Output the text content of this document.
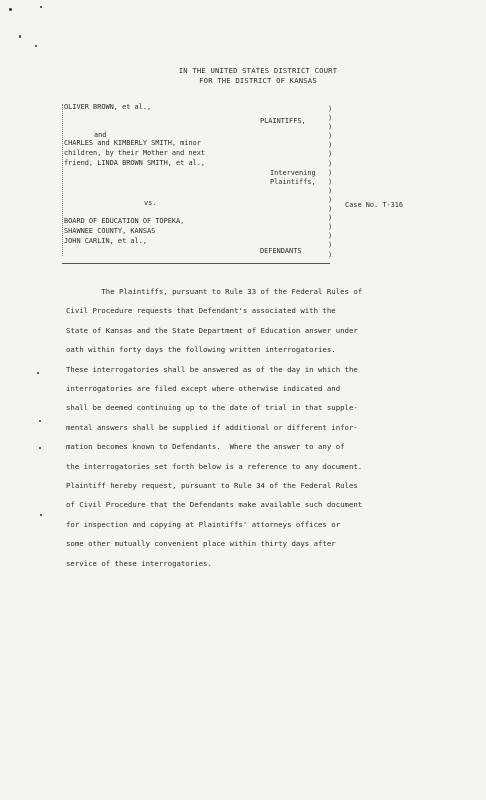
IN THE UNITED STATES DISTRICT COURT
FOR THE DISTRICT OF KANSAS
OLIVER BROWN, et al.,
PLAINTIFFS,
and
CHARLES and KIMBERLY SMITH, minor
children, by their Mother and next
friend, LINDA BROWN SMITH, et al.,
Intervening
Plaintiffs,
vs.
BOARD OF EDUCATION OF TOPEKA,
SHAWNEE COUNTY, KANSAS
JOHN CARLIN, et al.,
DEFENDANTS
)
)
)
)
)
)
)
)
)
)
)
)
)
)
)
)
)
Case No. T-316
The Plaintiffs, pursuant to Rule 33 of the Federal Rules of
Civil Procedure requests that Defendant's associated with the
State of Kansas and the State Department of Education answer under
oath within forty days the following written interrogatories.
These interrogatories shall be answered as of the day in which the
interrogatories are filed except where otherwise indicated and
shall be deemed continuing up to the date of trial in that supple-
mental answers shall be supplied if additional or different infor-
mation becomes known to Defendants.  Where the answer to any of
the interrogatories set forth below is a reference to any document.
Plaintiff hereby request, pursuant to Rule 34 of the Federal Rules
of Civil Procedure that the Defendants make available such document
for inspection and copying at Plaintiffs' attorneys offices or
some other mutually convenient place within thirty days after
service of these interrogatories.
